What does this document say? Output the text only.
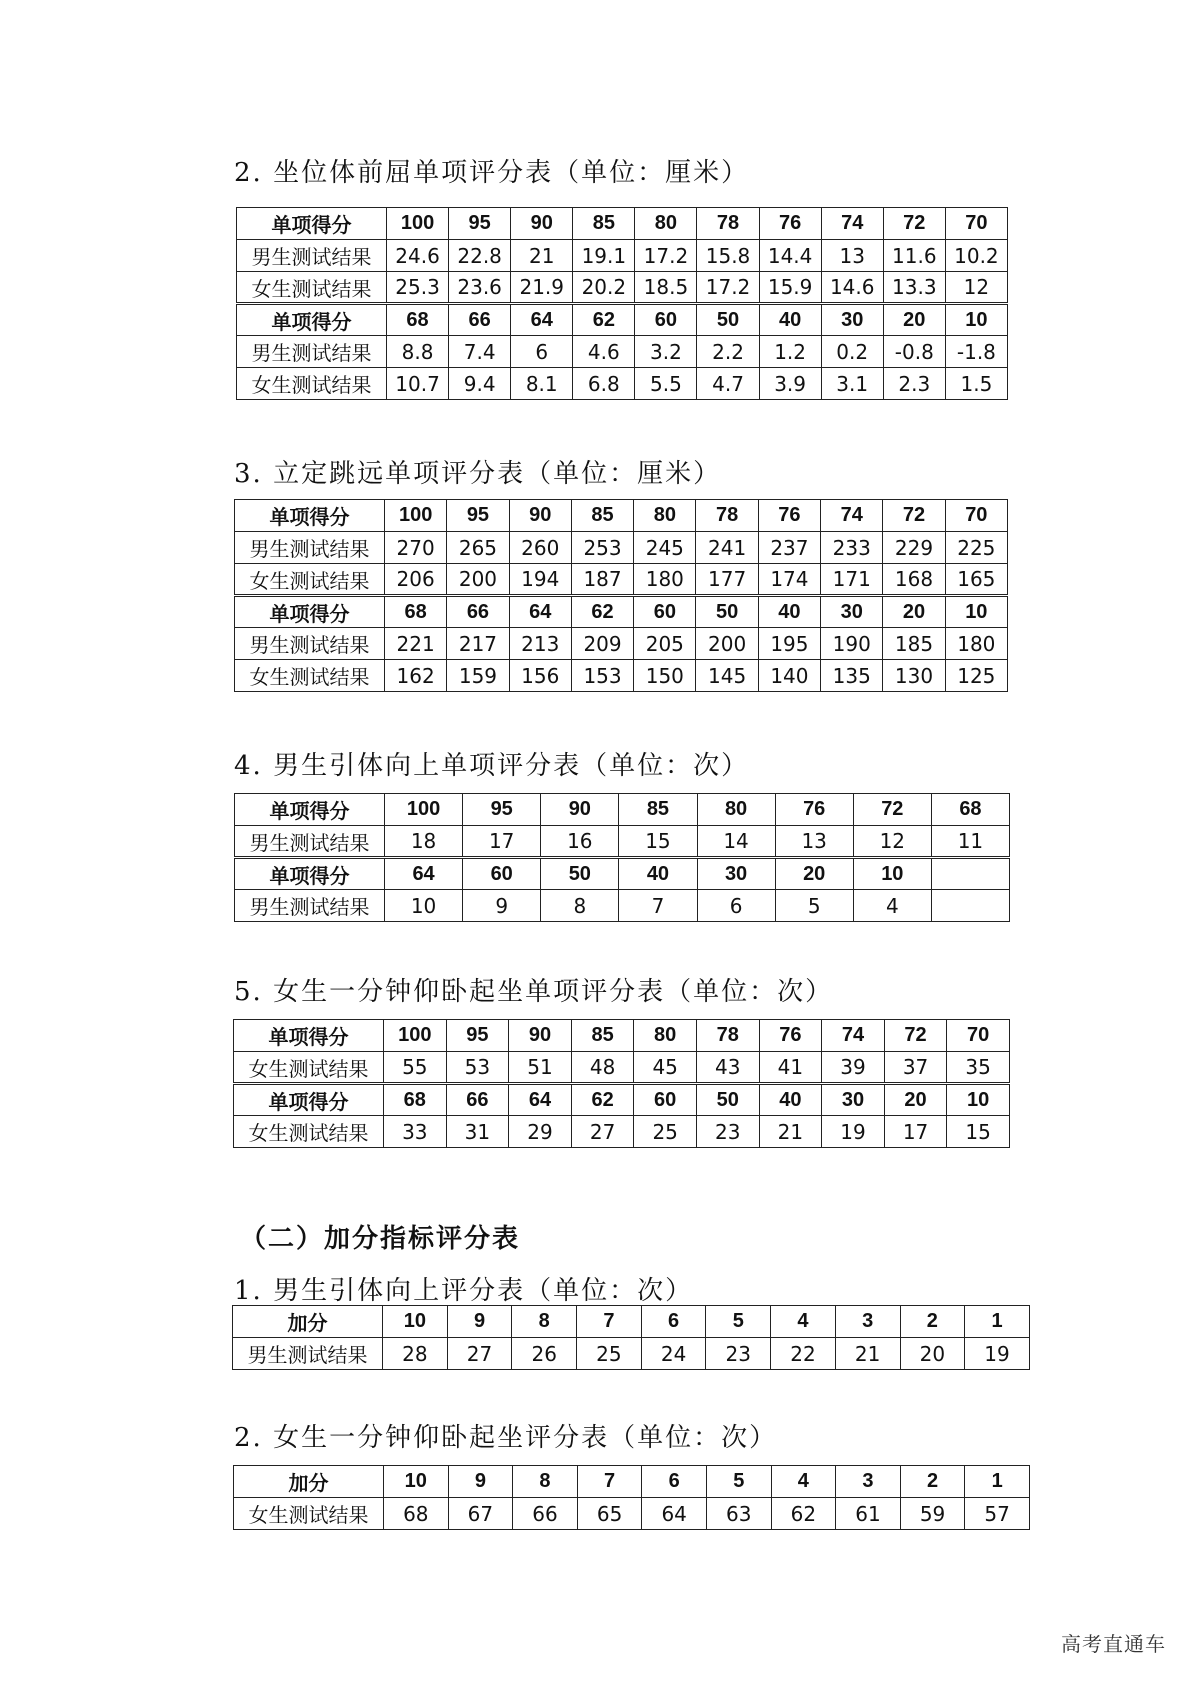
2. 坐位体前屈单项评分表（单位：厘米）
单项得分	100	95	90	85	80	78	76	74	72	70
男生测试结果	24.6	22.8	21	19.1	17.2	15.8	14.4	13	11.6	10.2
女生测试结果	25.3	23.6	21.9	20.2	18.5	17.2	15.9	14.6	13.3	12
单项得分	68	66	64	62	60	50	40	30	20	10
男生测试结果	8.8	7.4	6	4.6	3.2	2.2	1.2	0.2	-0.8	-1.8
女生测试结果	10.7	9.4	8.1	6.8	5.5	4.7	3.9	3.1	2.3	1.5
3. 立定跳远单项评分表（单位：厘米）
单项得分	100	95	90	85	80	78	76	74	72	70
男生测试结果	270	265	260	253	245	241	237	233	229	225
女生测试结果	206	200	194	187	180	177	174	171	168	165
单项得分	68	66	64	62	60	50	40	30	20	10
男生测试结果	221	217	213	209	205	200	195	190	185	180
女生测试结果	162	159	156	153	150	145	140	135	130	125
4. 男生引体向上单项评分表（单位：次）
单项得分	100	95	90	85	80	76	72	68
男生测试结果	18	17	16	15	14	13	12	11
单项得分	64	60	50	40	30	20	10	
男生测试结果	10	9	8	7	6	5	4	
5. 女生一分钟仰卧起坐单项评分表（单位：次）
单项得分	100	95	90	85	80	78	76	74	72	70
女生测试结果	55	53	51	48	45	43	41	39	37	35
单项得分	68	66	64	62	60	50	40	30	20	10
女生测试结果	33	31	29	27	25	23	21	19	17	15
（二）加分指标评分表
1. 男生引体向上评分表（单位：次）
加分	10	9	8	7	6	5	4	3	2	1
男生测试结果	28	27	26	25	24	23	22	21	20	19
2. 女生一分钟仰卧起坐评分表（单位：次）
加分	10	9	8	7	6	5	4	3	2	1
女生测试结果	68	67	66	65	64	63	62	61	59	57
高考直通车
